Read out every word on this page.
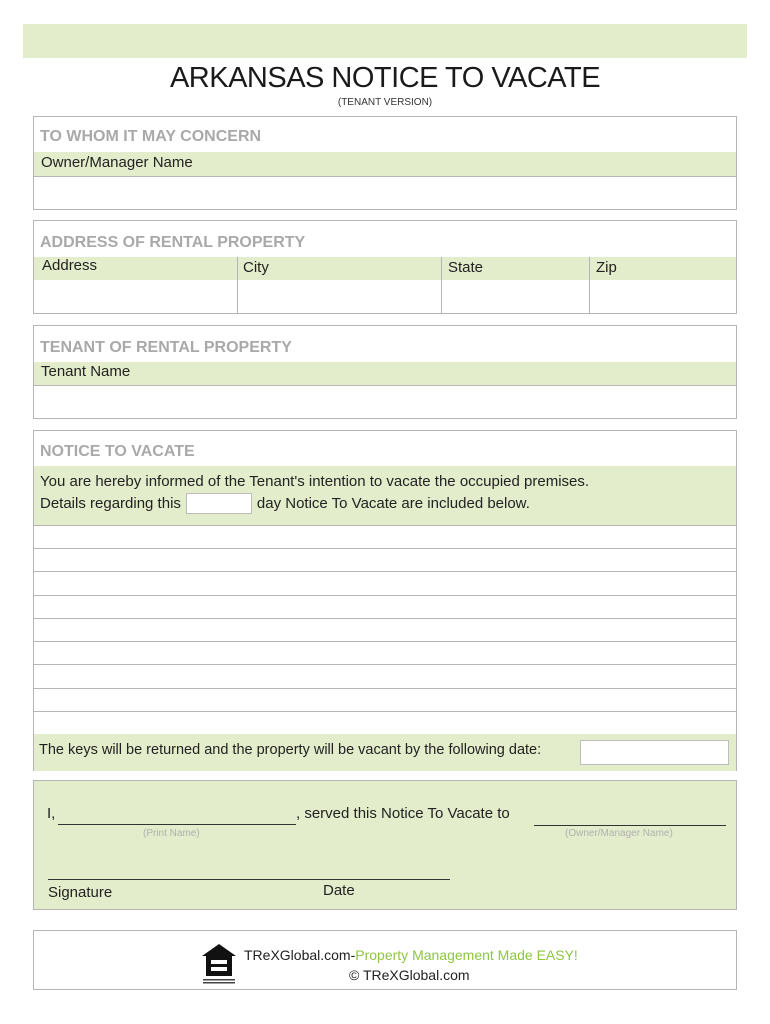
ARKANSAS NOTICE TO VACATE
(TENANT VERSION)
TO WHOM IT MAY CONCERN
Owner/Manager Name
ADDRESS OF RENTAL PROPERTY
Address	City	State	Zip
TENANT OF RENTAL PROPERTY
Tenant Name
NOTICE TO VACATE
You are hereby informed of the Tenant's intention to vacate the occupied premises.
Details regarding this	day Notice To Vacate are included below.
The keys will be returned and the property will be vacant by the following date:
I,	, served this Notice To Vacate to
(Print Name)	(Owner/Manager Name)
Signature	Date
TReXGlobal.com-Property Management Made EASY!
© TReXGlobal.com
